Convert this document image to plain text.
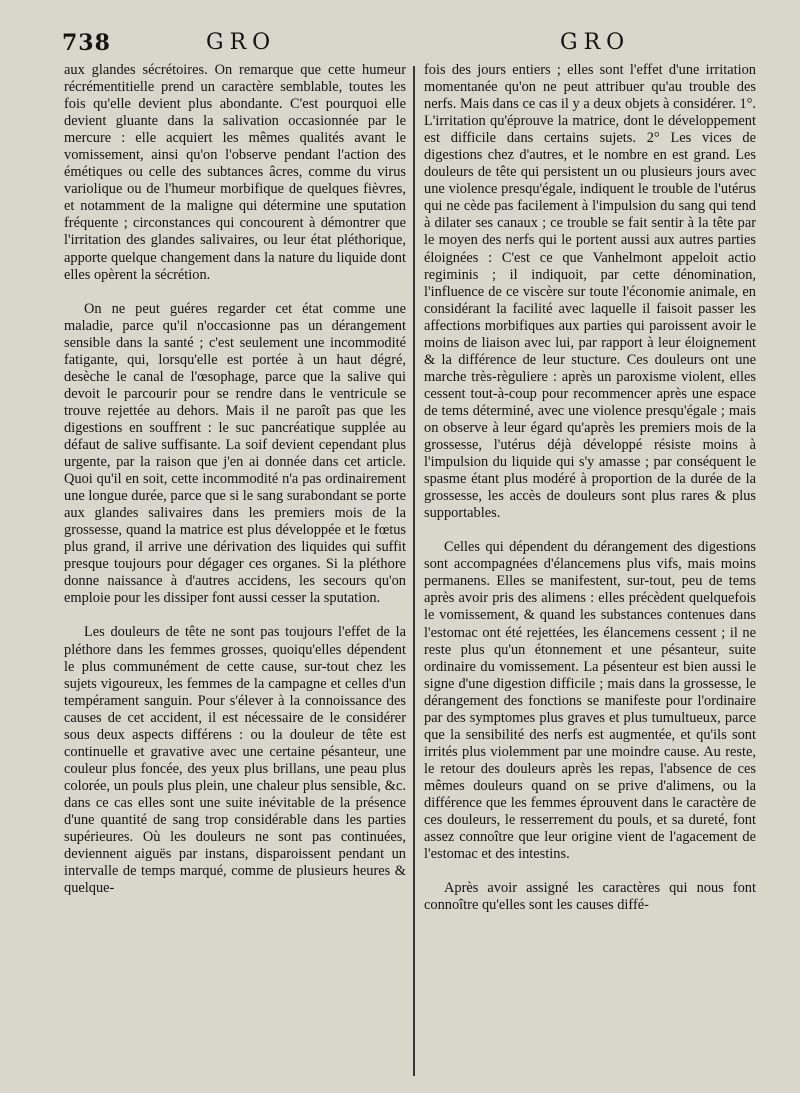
738	GRO	GRO

aux glandes sécrétoires. On remarque que cette humeur récrémentitielle prend un caractère semblable, toutes les fois qu'elle devient plus abondante. C'est pourquoi elle devient gluante dans la salivation occasionnée par le mercure : elle acquiert les mêmes qualités avant le vomissement, ainsi qu'on l'observe pendant l'action des émétiques ou celle des subtances âcres, comme du virus variolique ou de l'humeur morbifique de quelques fièvres, et notamment de la maligne qui détermine une sputation fréquente ; circonstances qui concourent à démontrer que l'irritation des glandes salivaires, ou leur état pléthorique, apporte quelque changement dans la nature du liquide dont elles opèrent la sécrétion.

On ne peut guéres regarder cet état comme une maladie, parce qu'il n'occasionne pas un dérangement sensible dans la santé ; c'est seulement une incommodité fatigante, qui, lorsqu'elle est portée à un haut dégré, desèche le canal de l'œsophage, parce que la salive qui devoit le parcourir pour se rendre dans le ventricule se trouve rejettée au dehors. Mais il ne paroît pas que les digestions en souffrent : le suc pancréatique supplée au défaut de salive suffisante. La soif devient cependant plus urgente, par la raison que j'en ai donnée dans cet article. Quoi qu'il en soit, cette incommodité n'a pas ordinairement une longue durée, parce que si le sang surabondant se porte aux glandes salivaires dans les premiers mois de la grossesse, quand la matrice est plus développée et le fœtus plus grand, il arrive une dérivation des liquides qui suffit presque toujours pour dégager ces organes. Si la pléthore donne naissance à d'autres accidens, les secours qu'on emploie pour les dissiper font aussi cesser la sputation.

Les douleurs de tête ne sont pas toujours l'effet de la pléthore dans les femmes grosses, quoiqu'elles dépendent le plus communément de cette cause, sur-tout chez les sujets vigoureux, les femmes de la campagne et celles d'un tempérament sanguin. Pour s'élever à la connoissance des causes de cet accident, il est nécessaire de le considérer sous deux aspects différens : ou la douleur de tête est continuelle et gravative avec une certaine pésanteur, une couleur plus foncée, des yeux plus brillans, une peau plus colorée, un pouls plus plein, une chaleur plus sensible, &c. dans ce cas elles sont une suite inévitable de la présence d'une quantité de sang trop considérable dans les parties supérieures. Où les douleurs ne sont pas continuées, deviennent aiguës par instans, disparoissent pendant un intervalle de temps marqué, comme de plusieurs heures & quelque-

fois des jours entiers ; elles sont l'effet d'une irritation momentanée qu'on ne peut attribuer qu'au trouble des nerfs. Mais dans ce cas il y a deux objets à considérer. 1°. L'irritation qu'éprouve la matrice, dont le développement est difficile dans certains sujets. 2° Les vices de digestions chez d'autres, et le nombre en est grand. Les douleurs de tête qui persistent un ou plusieurs jours avec une violence presqu'égale, indiquent le trouble de l'utérus qui ne cède pas facilement à l'impulsion du sang qui tend à dilater ses canaux ; ce trouble se fait sentir à la tête par le moyen des nerfs qui le portent aussi aux autres parties éloignées : C'est ce que Vanhelmont appeloit actio regiminis ; il indiquoit, par cette dénomination, l'influence de ce viscère sur toute l'économie animale, en considérant la facilité avec laquelle il faisoit passer les affections morbifiques aux parties qui paroissent avoir le moins de liaison avec lui, par rapport à leur éloignement & la différence de leur stucture. Ces douleurs ont une marche très-règuliere : après un paroxisme violent, elles cessent tout-à-coup pour recommencer après une espace de tems déterminé, avec une violence presqu'égale ; mais on observe à leur égard qu'après les premiers mois de la grossesse, l'utérus déjà développé résiste moins à l'impulsion du liquide qui s'y amasse ; par conséquent le spasme étant plus modéré à proportion de la durée de la grossesse, les accès de douleurs sont plus rares & plus supportables.

Celles qui dépendent du dérangement des digestions sont accompagnées d'élancemens plus vifs, mais moins permanens. Elles se manifestent, sur-tout, peu de tems après avoir pris des alimens : elles précèdent quelquefois le vomissement, & quand les substances contenues dans l'estomac ont été rejettées, les élancemens cessent ; il ne reste plus qu'un étonnement et une pésanteur, suite ordinaire du vomissement. La pésenteur est bien aussi le signe d'une digestion difficile ; mais dans la grossesse, le dérangement des fonctions se manifeste pour l'ordinaire par des symptomes plus graves et plus tumultueux, parce que la sensibilité des nerfs est augmentée, et qu'ils sont irrités plus violemment par une moindre cause. Au reste, le retour des douleurs après les repas, l'absence de ces mêmes douleurs quand on se prive d'alimens, ou la différence que les femmes éprouvent dans le caractère de ces douleurs, le resserrement du pouls, et sa dureté, font assez connoître que leur origine vient de l'agacement de l'estomac et des intestins.

Après avoir assigné les caractères qui nous font connoître qu'elles sont les causes diffé-
